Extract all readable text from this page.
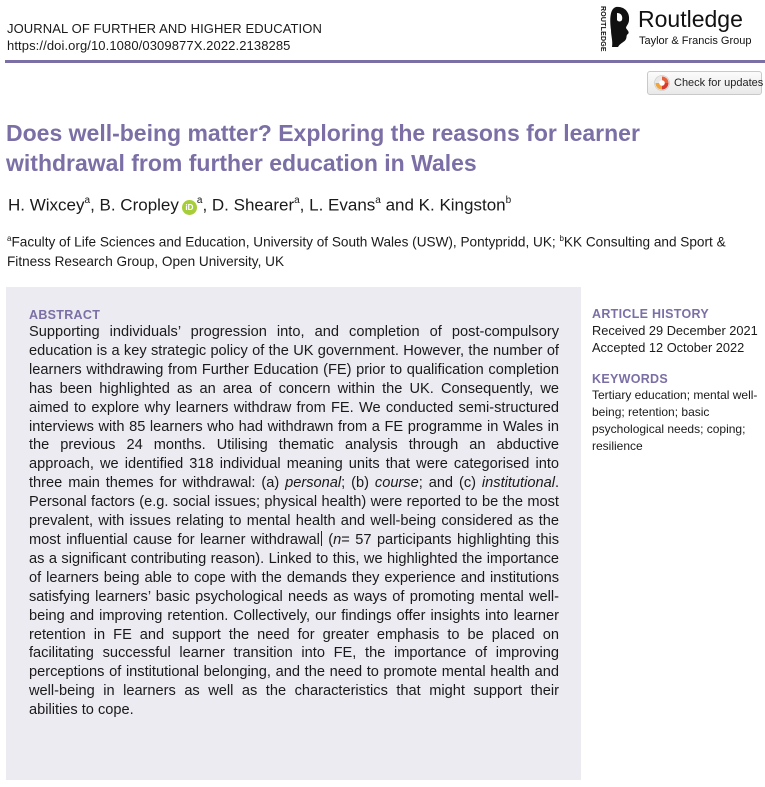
JOURNAL OF FURTHER AND HIGHER EDUCATION
https://doi.org/10.1080/0309877X.2022.2138285	ROUTLEDGE Routledge
Taylor & Francis Group
Check for updates
Does well-being matter? Exploring the reasons for learner withdrawal from further education in Wales
H. Wixcey$^a$, B. Cropley $iD^a$, D. Shearer$^a$, L. Evans$^a$ and K. Kingston$^b$
$^a$Faculty of Life Sciences and Education, University of South Wales (USW), Pontypridd, UK; $^b$KK Consulting and Sport & Fitness Research Group, Open University, UK
ABSTRACT

Supporting individuals’ progression into, and completion of post-compulsory education is a key strategic policy of the UK government. However, the number of learners withdrawing from Further Education (FE) prior to qualification completion has been highlighted as an area of concern within the UK. Consequently, we aimed to explore why learners withdraw from FE. We conducted semi-structured interviews with 85 learners who had withdrawn from a FE programme in Wales in the previous 24 months. Utilising thematic analysis through an abductive approach, we identified 318 individual meaning units that were categorised into three main themes for withdrawal: (a) personal; (b) course; and (c) institutional. Personal factors (e.g. social issues; physical health) were reported to be the most prevalent, with issues relating to mental health and well-being considered as the most influential cause for learner withdrawal (n= 57 participants highlighting this as a significant contributing reason). Linked to this, we highlighted the importance of learners being able to cope with the demands they experience and institutions satisfying learners’ basic psychological needs as ways of promoting mental well-being and improving retention. Collectively, our findings offer insights into learner retention in FE and support the need for greater emphasis to be placed on facilitating successful learner transition into FE, the importance of improving perceptions of institutional belonging, and the need to promote mental health and well-being in learners as well as the characteristics that might support their abilities to cope.

ARTICLE HISTORY
Received 29 December 2021
Accepted 12 October 2022
KEYWORDS
Tertiary education; mental well-being; retention; basic psychological needs; coping; resilience
